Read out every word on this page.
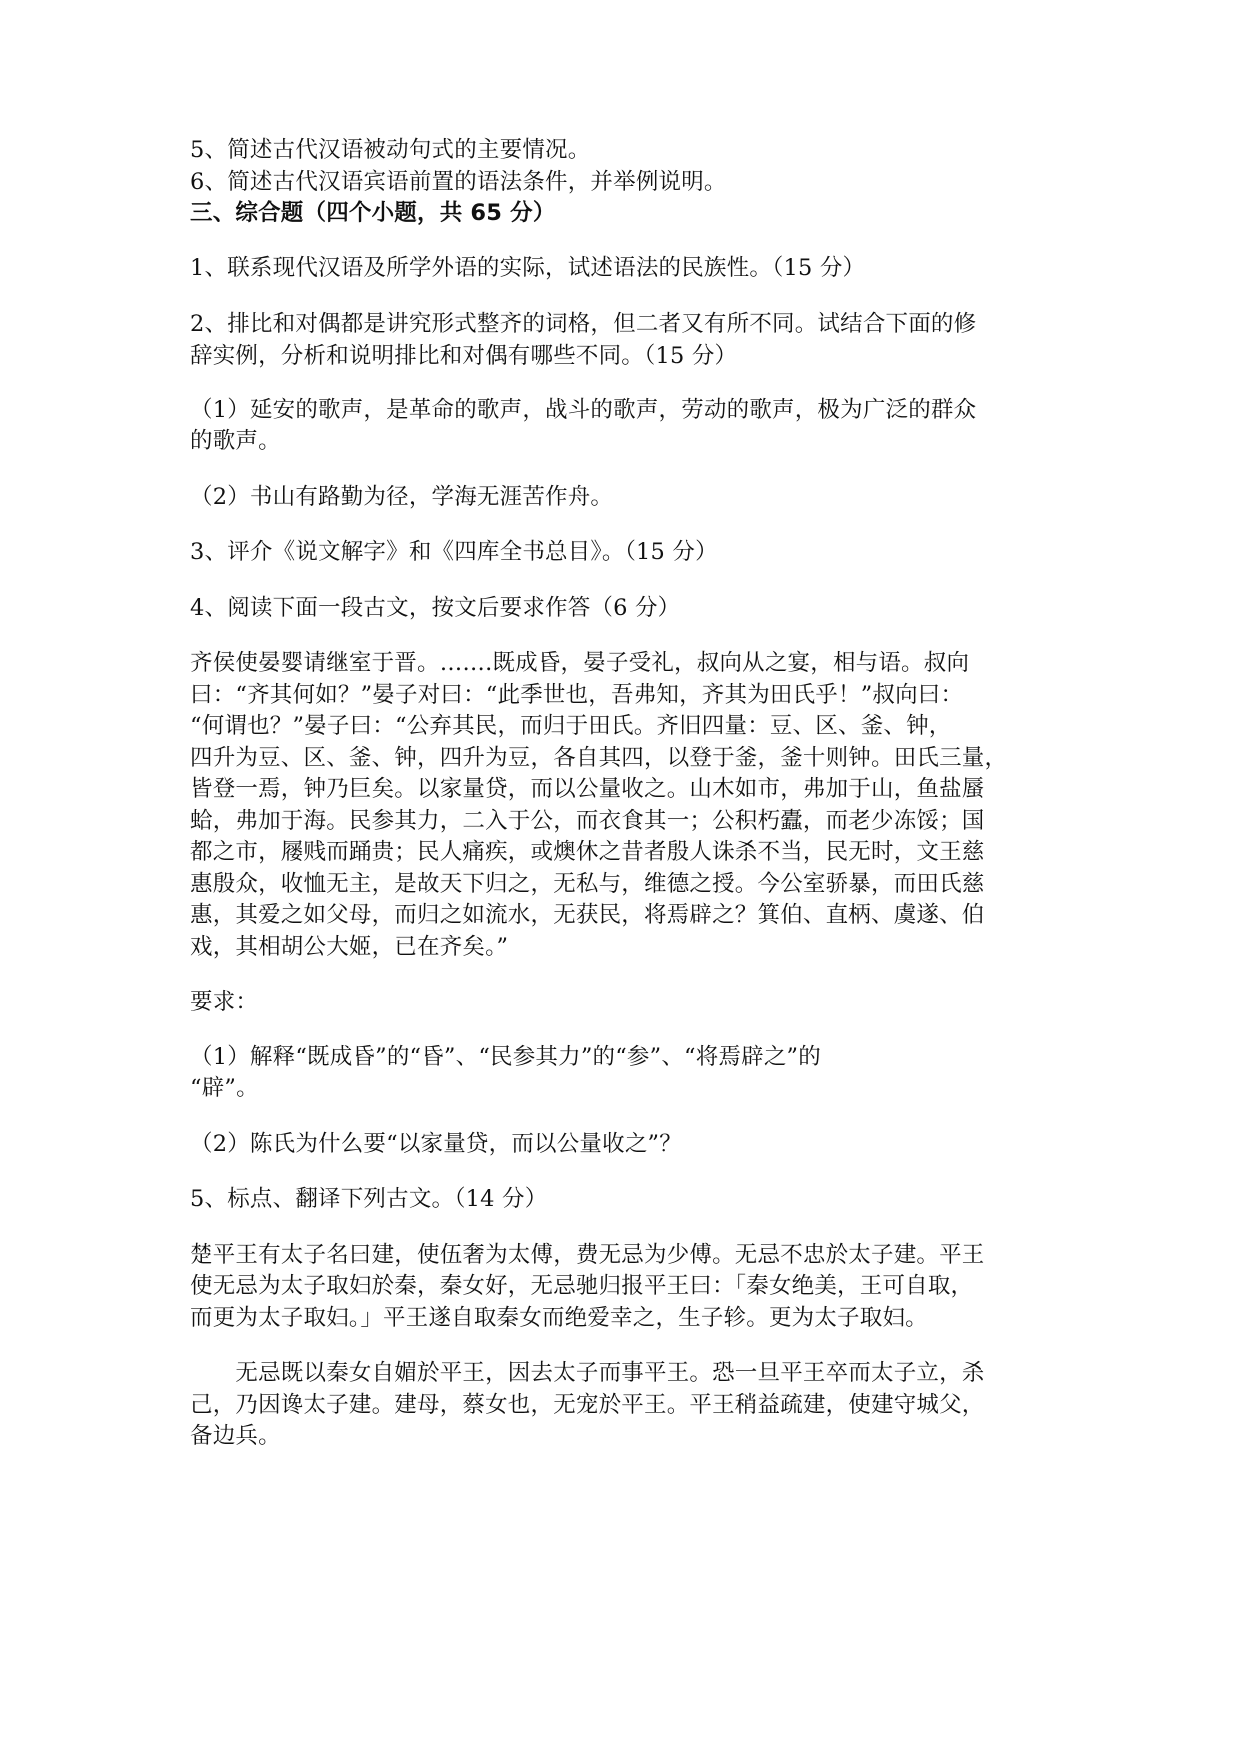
5、简述古代汉语被动句式的主要情况。
6、简述古代汉语宾语前置的语法条件，并举例说明。
三、综合题（四个小题，共 65 分）
1、联系现代汉语及所学外语的实际，试述语法的民族性。（15 分）
2、排比和对偶都是讲究形式整齐的词格，但二者又有所不同。试结合下面的修
辞实例，分析和说明排比和对偶有哪些不同。（15 分）
（1）延安的歌声，是革命的歌声，战斗的歌声，劳动的歌声，极为广泛的群众
的歌声。
（2）书山有路勤为径，学海无涯苦作舟。
3、评介《说文解字》和《四库全书总目》。（15 分）
4、阅读下面一段古文，按文后要求作答（6 分）
齐侯使晏婴请继室于晋。…….既成昏，晏子受礼，叔向从之宴，相与语。叔向
曰：“齐其何如？”晏子对曰：“此季世也，吾弗知，齐其为田氏乎！”叔向曰：
“何谓也？”晏子曰：“公弃其民，而归于田氏。齐旧四量：豆、区、釜、钟，
四升为豆、区、釜、钟，四升为豆，各自其四，以登于釜，釜十则钟。田氏三量，
皆登一焉，钟乃巨矣。以家量贷，而以公量收之。山木如市，弗加于山，鱼盐蜃
蛤，弗加于海。民参其力，二入于公，而衣食其一；公积朽蠹，而老少冻馁；国
都之市，屦贱而踊贵；民人痛疾，或燠休之昔者殷人诛杀不当，民无时，文王慈
惠殷众，收恤无主，是故天下归之，无私与，维德之授。今公室骄暴，而田氏慈
惠，其爱之如父母，而归之如流水，无获民，将焉辟之？箕伯、直柄、虞遂、伯
戏，其相胡公大姬，已在齐矣。”
要求：
（1）解释“既成昏”的“昏”、“民参其力”的“参”、“将焉辟之”的
“辟”。
（2）陈氏为什么要“以家量贷，而以公量收之”？
5、标点、翻译下列古文。（14 分）
楚平王有太子名曰建，使伍奢为太傅，费无忌为少傅。无忌不忠於太子建。平王
使无忌为太子取妇於秦，秦女好，无忌驰归报平王曰：「秦女绝美，王可自取，
而更为太子取妇。」平王遂自取秦女而绝爱幸之，生子轸。更为太子取妇。
　　无忌既以秦女自媚於平王，因去太子而事平王。恐一旦平王卒而太子立，杀
己，乃因谗太子建。建母，蔡女也，无宠於平王。平王稍益疏建，使建守城父，
备边兵。
